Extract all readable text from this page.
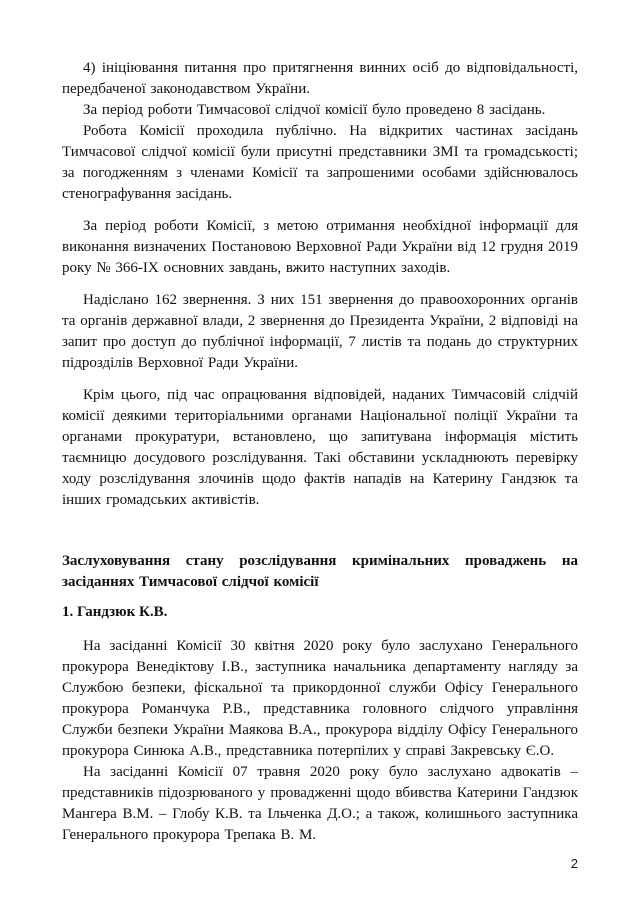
4) ініціювання питання про притягнення винних осіб до відповідальності, передбаченої законодавством України.

За період роботи Тимчасової слідчої комісії було проведено 8 засідань.

Робота Комісії проходила публічно. На відкритих частинах засідань Тимчасової слідчої комісії були присутні представники ЗМІ та громадськості; за погодженням з членами Комісії та запрошеними особами здійснювалось стенографування засідань.

За період роботи Комісії, з метою отримання необхідної інформації для виконання визначених Постановою Верховної Ради України від 12 грудня 2019 року № 366-IX основних завдань, вжито наступних заходів.

Надіслано 162 звернення. З них 151 звернення до правоохоронних органів та органів державної влади, 2 звернення до Президента України, 2 відповіді на запит про доступ до публічної інформації, 7 листів та подань до структурних підрозділів Верховної Ради України.

Крім цього, під час опрацювання відповідей, наданих Тимчасовій слідчій комісії деякими територіальними органами Національної поліції України та органами прокуратури, встановлено, що запитувана інформація містить таємницю досудового розслідування. Такі обставини ускладнюють перевірку ходу розслідування злочинів щодо фактів нападів на Катерину Гандзюк та інших громадських активістів.

Заслуховування стану розслідування кримінальних проваджень на засіданнях Тимчасової слідчої комісії
1. Гандзюк К.В.

На засіданні Комісії 30 квітня 2020 року було заслухано Генерального прокурора Венедіктову І.В., заступника начальника департаменту нагляду за Службою безпеки, фіскальної та прикордонної служби Офісу Генерального прокурора Романчука Р.В., представника головного слідчого управління Служби безпеки України Маякова В.А., прокурора відділу Офісу Генерального прокурора Синюка А.В., представника потерпілих у справі Закревську Є.О.

На засіданні Комісії 07 травня 2020 року було заслухано адвокатів – представників підозрюваного у провадженні щодо вбивства Катерини Гандзюк Мангера В.М. – Глобу К.В. та Ільченка Д.О.; а також, колишнього заступника Генерального прокурора Трепака В. М.

2
